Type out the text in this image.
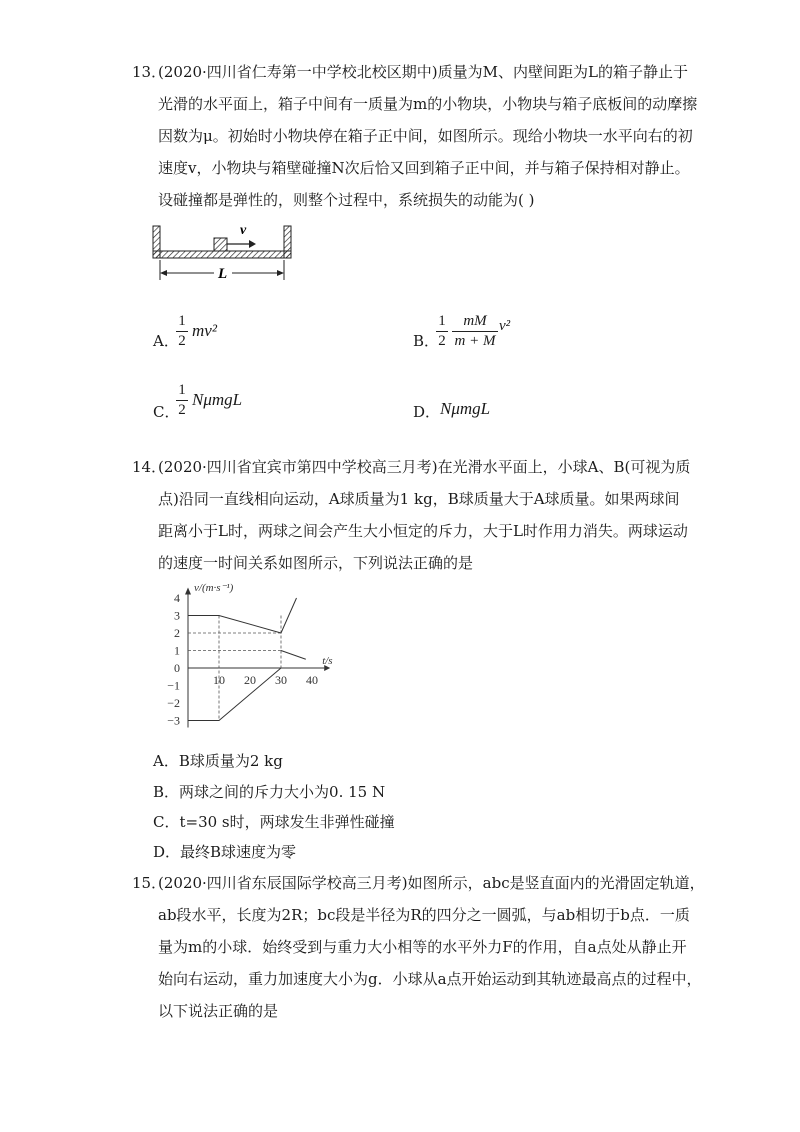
13．
(2020·四川省仁寿第一中学校北校区期中)质量为M、内壁间距为L的箱子静止于
光滑的水平面上，箱子中间有一质量为m的小物块，小物块与箱子底板间的动摩擦
因数为μ。初始时小物块停在箱子正中间，如图所示。现给小物块一水平向右的初
速度v，小物块与箱壁碰撞N次后恰又回到箱子正中间，并与箱子保持相对静止。
设碰撞都是弹性的，则整个过程中，系统损失的动能为( )
v
L
A．
1
2
mv²
B．
1
2
mM
m + M
v²
C．
1
2
NμmgL
D． NμmgL
14．
(2020·四川省宜宾市第四中学校高三月考)在光滑水平面上，小球A、B(可视为质
点)沿同一直线相向运动，A球质量为1 kg，B球质量大于A球质量。如果两球间
距离小于L时，两球之间会产生大小恒定的斥力，大于L时作用力消失。两球运动
的速度一时间关系如图所示，下列说法正确的是
4
3
2
1
0
−1
−2
−3
10 20 30 40
v/(m·s⁻¹)
t/s
A．B球质量为2 kg
B．两球之间的斥力大小为0. 15 N
C．t=30 s时，两球发生非弹性碰撞
D．最终B球速度为零
15．
(2020·四川省东辰国际学校高三月考)如图所示，abc是竖直面内的光滑固定轨道，
ab段水平，长度为2R；bc段是半径为R的四分之一圆弧，与ab相切于b点．一质
量为m的小球．始终受到与重力大小相等的水平外力F的作用，自a点处从静止开
始向右运动，重力加速度大小为g．小球从a点开始运动到其轨迹最高点的过程中，
以下说法正确的是
